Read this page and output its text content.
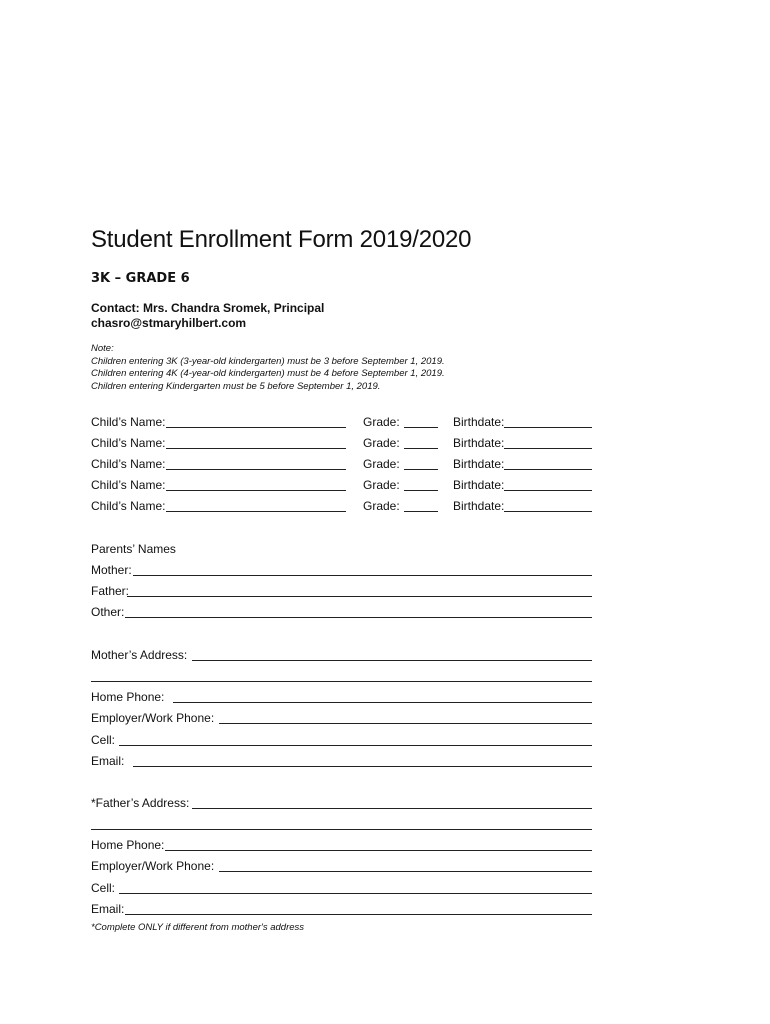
Student Enrollment Form 2019/2020
3K – GRADE 6
Contact: Mrs. Chandra Sromek, Principal
chasro@stmaryhilbert.com
Note:
Children entering 3K (3-year-old kindergarten) must be 3 before September 1, 2019.
Children entering 4K (4-year-old kindergarten) must be 4 before September 1, 2019.
Children entering Kindergarten must be 5 before September 1, 2019.
Child’s Name:	Grade:	Birthdate:
Child’s Name:	Grade:	Birthdate:
Child’s Name:	Grade:	Birthdate:
Child’s Name:	Grade:	Birthdate:
Child’s Name:	Grade:	Birthdate:
Parents’ Names
Mother:
Father:
Other:
Mother’s Address:
Home Phone:
Employer/Work Phone:
Cell:
Email:
*Father’s Address:
Home Phone:
Employer/Work Phone:
Cell:
Email:
*Complete ONLY if different from mother's address
